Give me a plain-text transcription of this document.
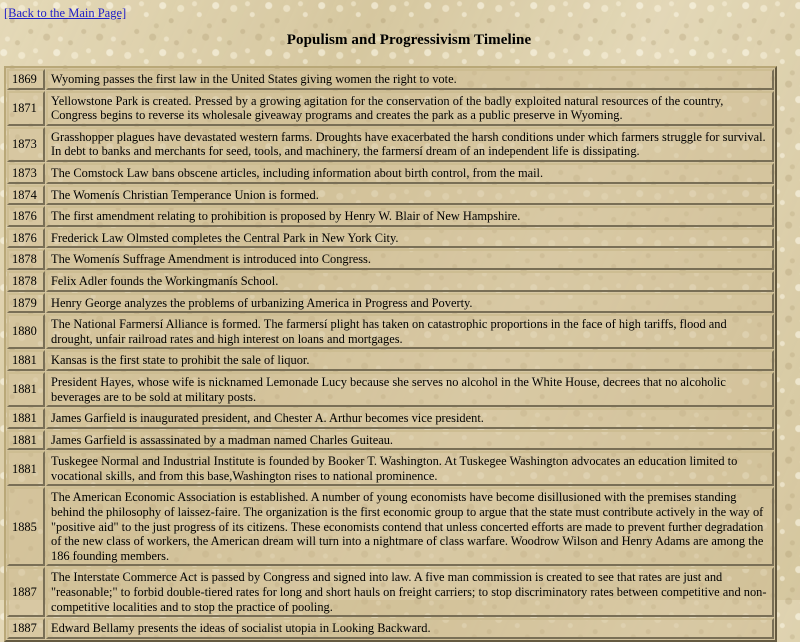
[Back to the Main Page]
Populism and Progressivism Timeline
1869	Wyoming passes the first law in the United States giving women the right to vote.
1871	Yellowstone Park is created. Pressed by a growing agitation for the conservation of the badly exploited natural resources of the country, Congress begins to reverse its wholesale giveaway programs and creates the park as a public preserve in Wyoming.
1873	Grasshopper plagues have devastated western farms. Droughts have exacerbated the harsh conditions under which farmers struggle for survival. In debt to banks and merchants for seed, tools, and machinery, the farmersí dream of an independent life is dissipating.
1873	The Comstock Law bans obscene articles, including information about birth control, from the mail.
1874	The Womenís Christian Temperance Union is formed.
1876	The first amendment relating to prohibition is proposed by Henry W. Blair of New Hampshire.
1876	Frederick Law Olmsted completes the Central Park in New York City.
1878	The Womenís Suffrage Amendment is introduced into Congress.
1878	Felix Adler founds the Workingmanís School.
1879	Henry George analyzes the problems of urbanizing America in Progress and Poverty.
1880	The National Farmersí Alliance is formed. The farmersí plight has taken on catastrophic proportions in the face of high tariffs, flood and drought, unfair railroad rates and high interest on loans and mortgages.
1881	Kansas is the first state to prohibit the sale of liquor.
1881	President Hayes, whose wife is nicknamed Lemonade Lucy because she serves no alcohol in the White House, decrees that no alcoholic beverages are to be sold at military posts.
1881	James Garfield is inaugurated president, and Chester A. Arthur becomes vice president.
1881	James Garfield is assassinated by a madman named Charles Guiteau.
1881	Tuskegee Normal and Industrial Institute is founded by Booker T. Washington. At Tuskegee Washington advocates an education limited to vocational skills, and from this base,Washington rises to national prominence.
1885	The American Economic Association is established. A number of young economists have become disillusioned with the premises standing behind the philosophy of laissez-faire. The organization is the first economic group to argue that the state must contribute actively in the way of "positive aid" to the just progress of its citizens. These economists contend that unless concerted efforts are made to prevent further degradation of the new class of workers, the American dream will turn into a nightmare of class warfare. Woodrow Wilson and Henry Adams are among the 186 founding members.
1887	The Interstate Commerce Act is passed by Congress and signed into law. A five man commission is created to see that rates are just and "reasonable;" to forbid double-tiered rates for long and short hauls on freight carriers; to stop discriminatory rates between competitive and non-competitive localities and to stop the practice of pooling.
1887	Edward Bellamy presents the ideas of socialist utopia in Looking Backward.
